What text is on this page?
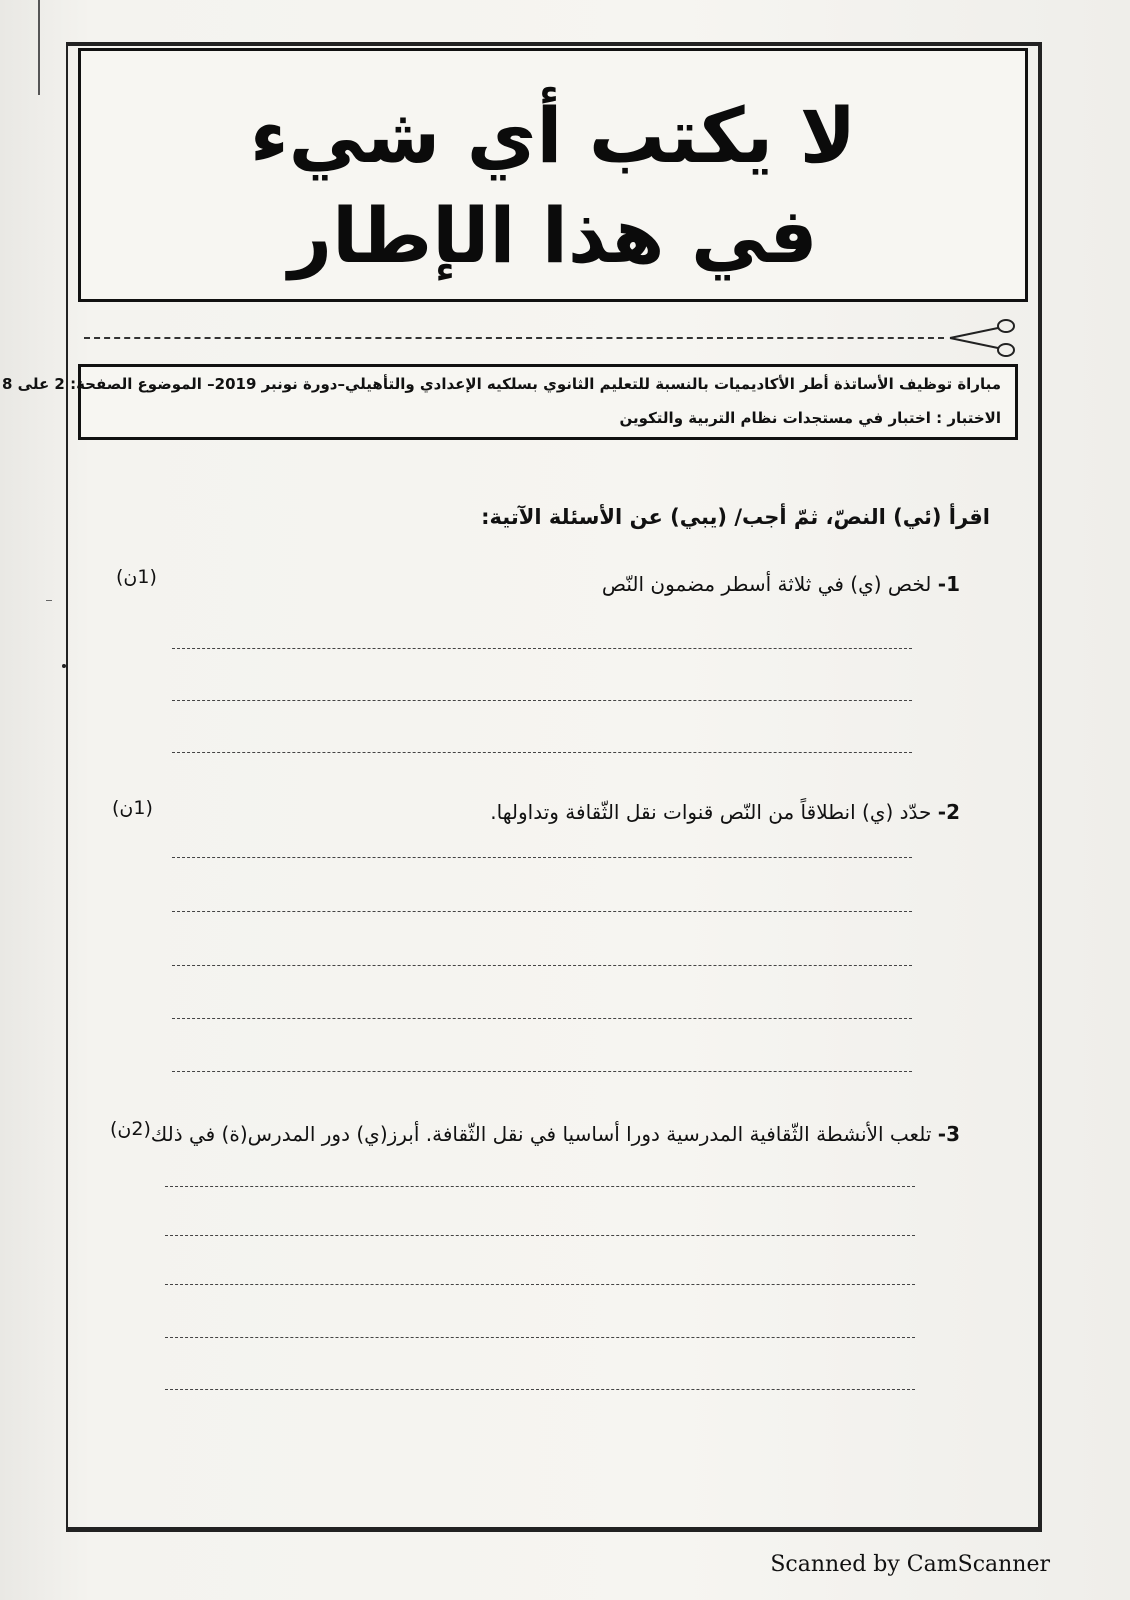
لا يكتب أي شيء
في هذا الإطار
مباراة توظيف الأساتذة أطر الأكاديميات بالنسبة للتعليم الثانوي بسلكيه الإعدادي والتأهيلي–دورة نونبر 2019– الموضوع الصفحة: 2 على 8
الاختبار : اختبار في مستجدات نظام التربية والتكوين
اقرأ (ئي) النصّ، ثمّ أجب/ (يبي) عن الأسئلة الآتية:
1- لخص (ي) في ثلاثة أسطر مضمون النّص
(1ن)
2- حدّد (ي) انطلاقاً من النّص قنوات نقل الثّقافة وتداولها.
(1ن)
3- تلعب الأنشطة الثّقافية المدرسية دورا أساسيا في نقل الثّقافة. أبرز(ي) دور المدرس(ة) في ذلك
(2ن)
Scanned by CamScanner
